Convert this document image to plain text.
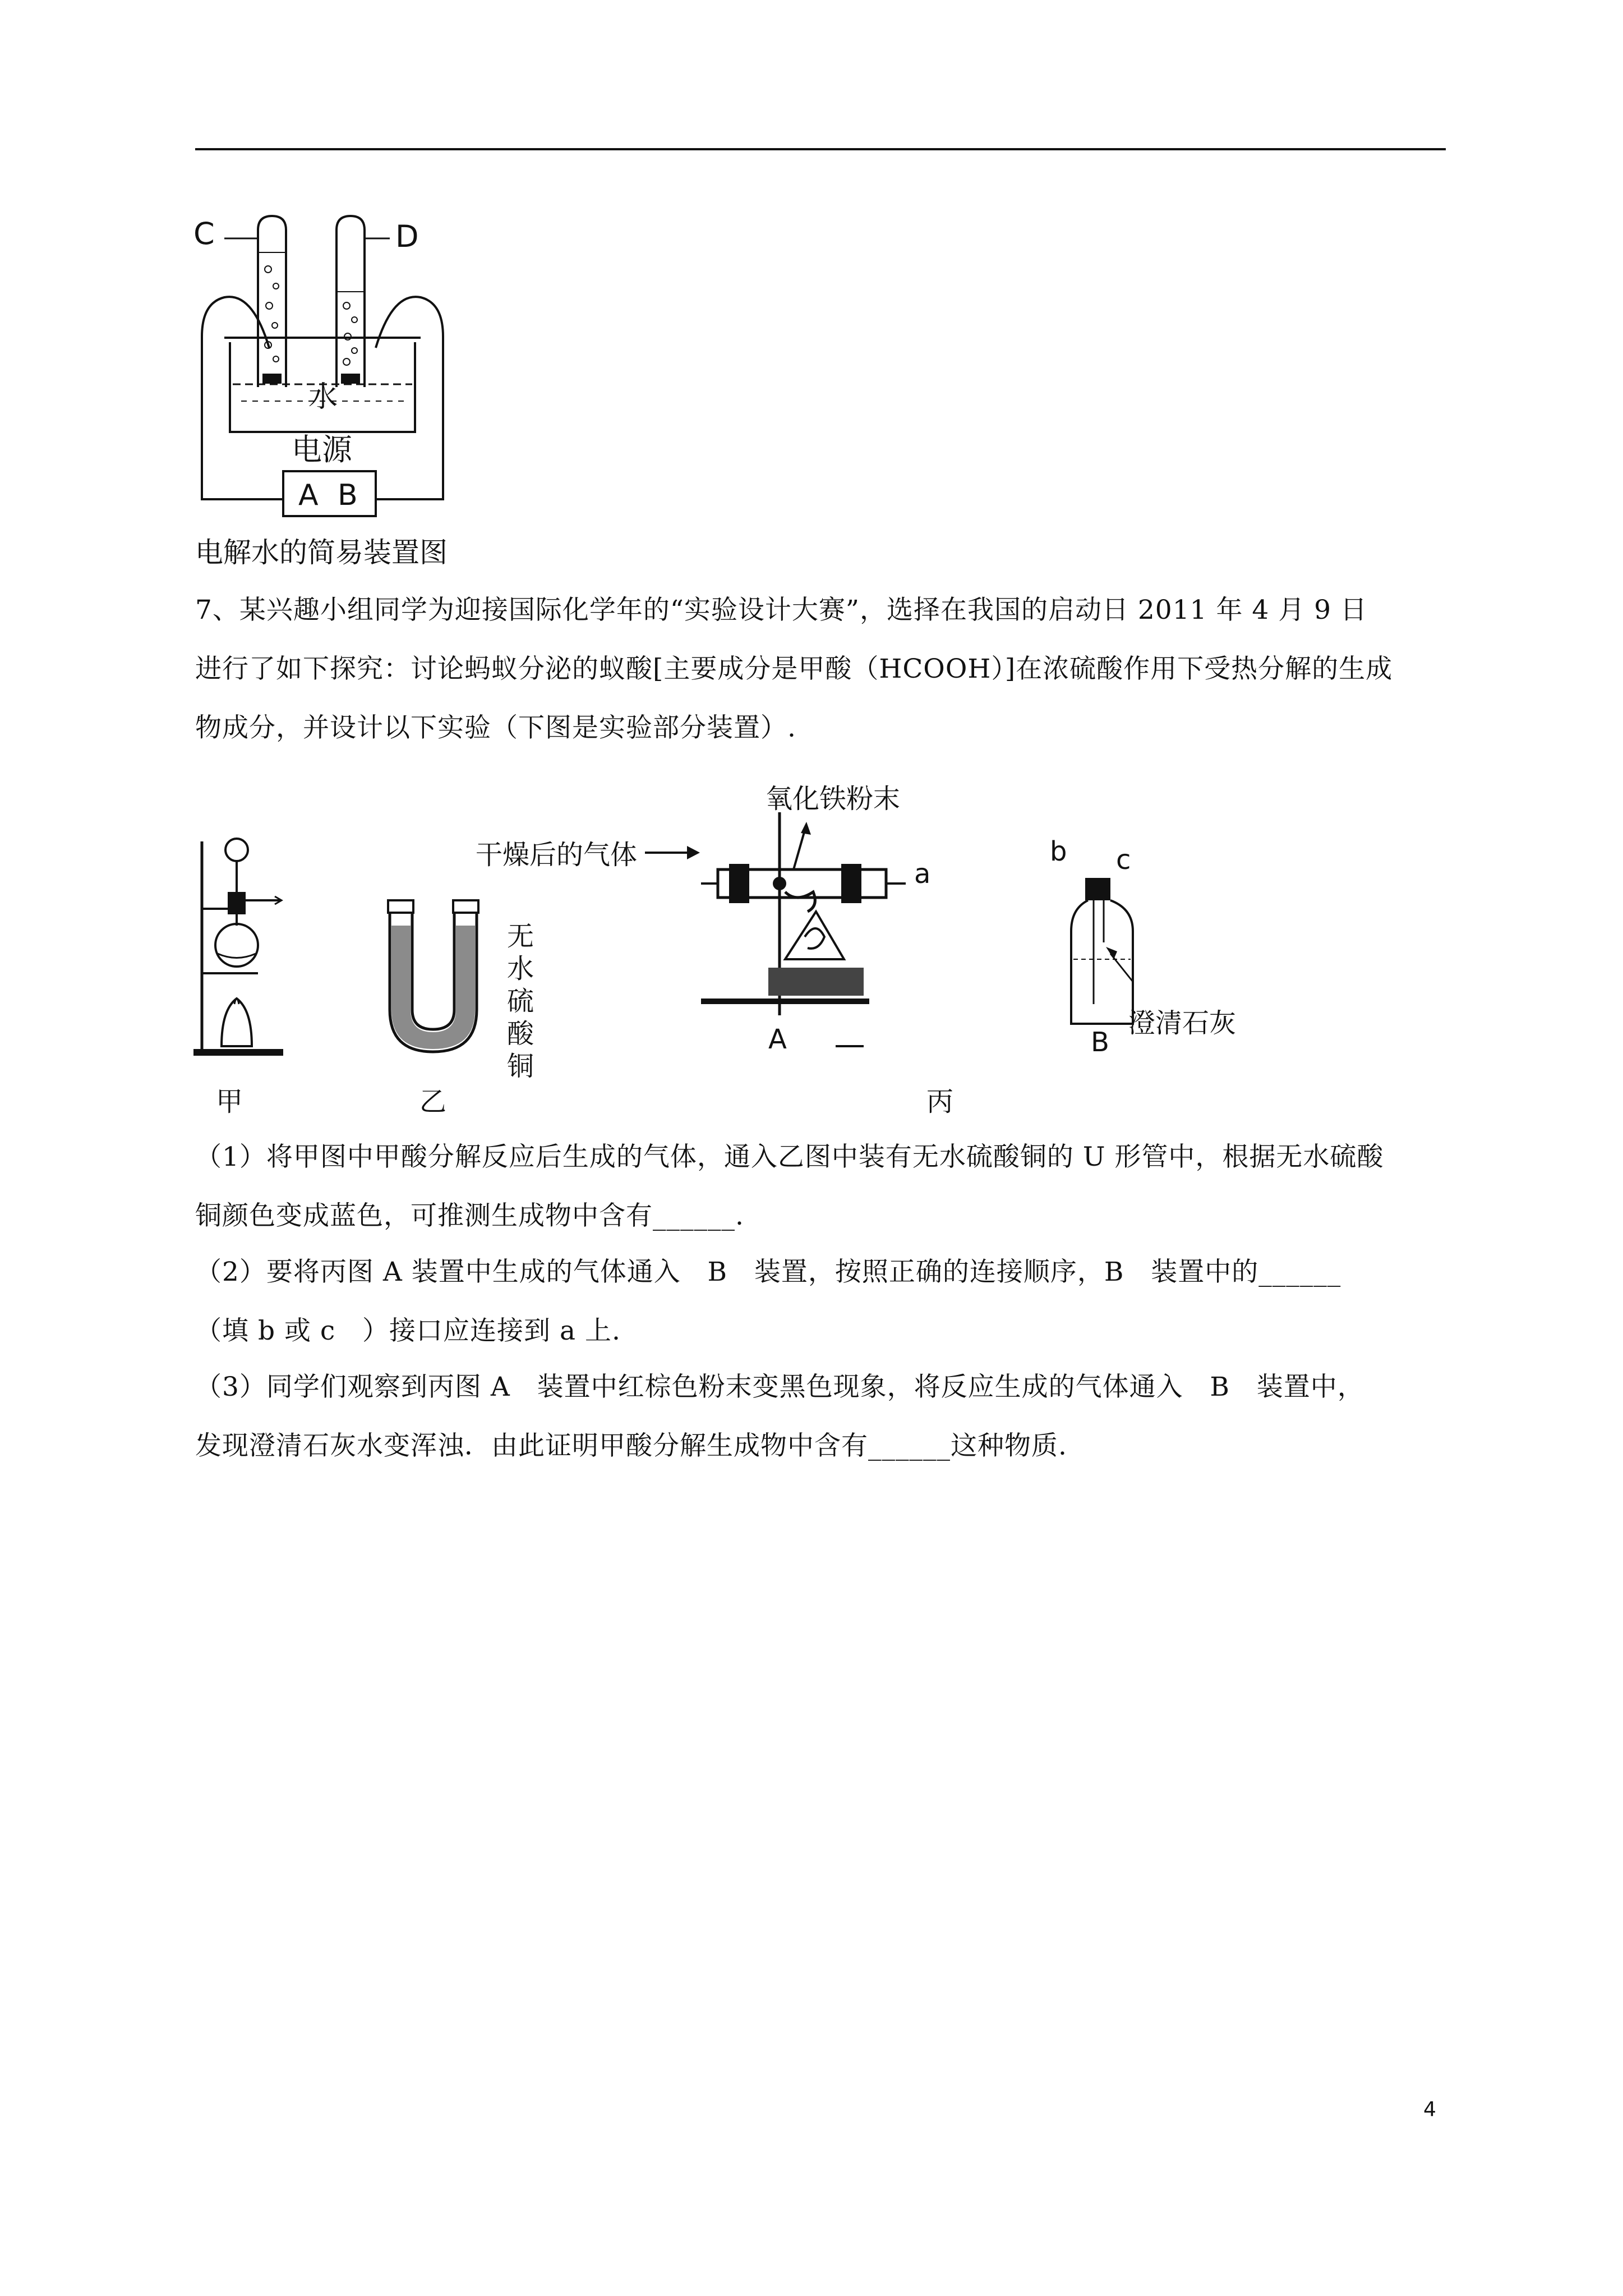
C	D
水
电源
A B
电解水的简易装置图
7、某兴趣小组同学为迎接国际化学年的“实验设计大赛”，选择在我国的启动日 2011 年 4 月 9 日
进行了如下探究：讨论蚂蚁分泌的蚁酸[主要成分是甲酸（HCOOH）]在浓硫酸作用下受热分解的生成
物成分，并设计以下实验（下图是实验部分装置）.
无
水
硫
酸
铜
氧化铁粉末
干燥后的气体
a
A
b c
澄清石灰
B
甲	乙	丙
（1）将甲图中甲酸分解反应后生成的气体，通入乙图中装有无水硫酸铜的 U 形管中，根据无水硫酸
铜颜色变成蓝色，可推测生成物中含有______.
（2）要将丙图 A 装置中生成的气体通入   B   装置，按照正确的连接顺序，B   装置中的______
（填 b 或 c   ）接口应连接到 a 上.
（3）同学们观察到丙图 A   装置中红棕色粉末变黑色现象，将反应生成的气体通入   B   装置中，
发现澄清石灰水变浑浊．由此证明甲酸分解生成物中含有______这种物质.
4
